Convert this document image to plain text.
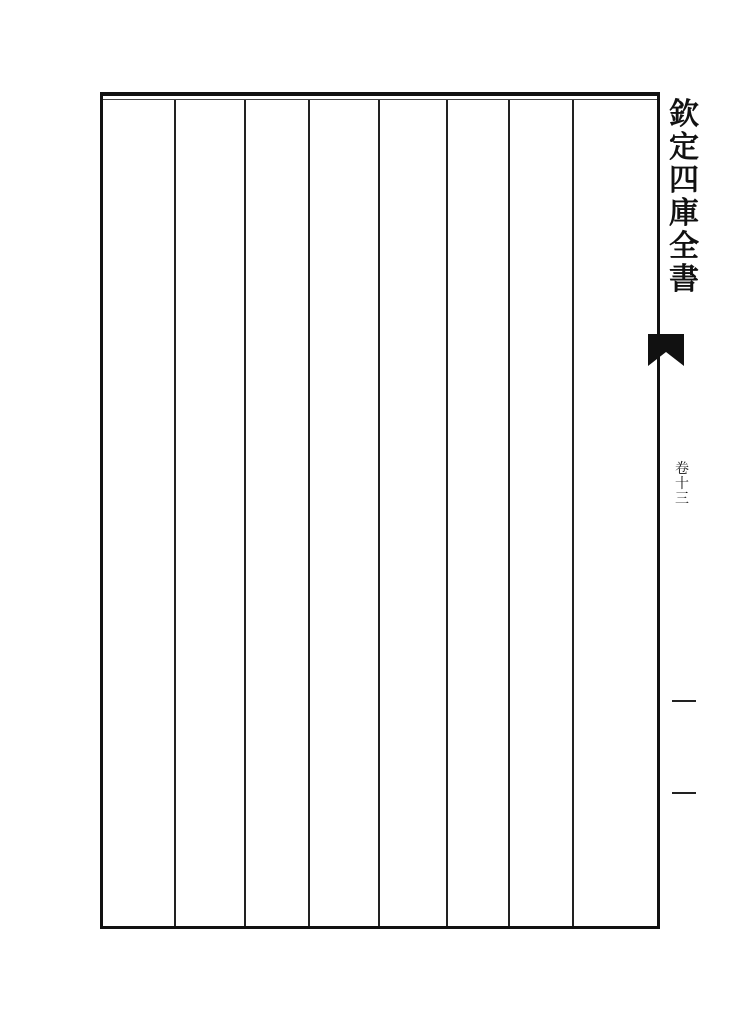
欽
定
四
庫
全
書
卷
十
三
